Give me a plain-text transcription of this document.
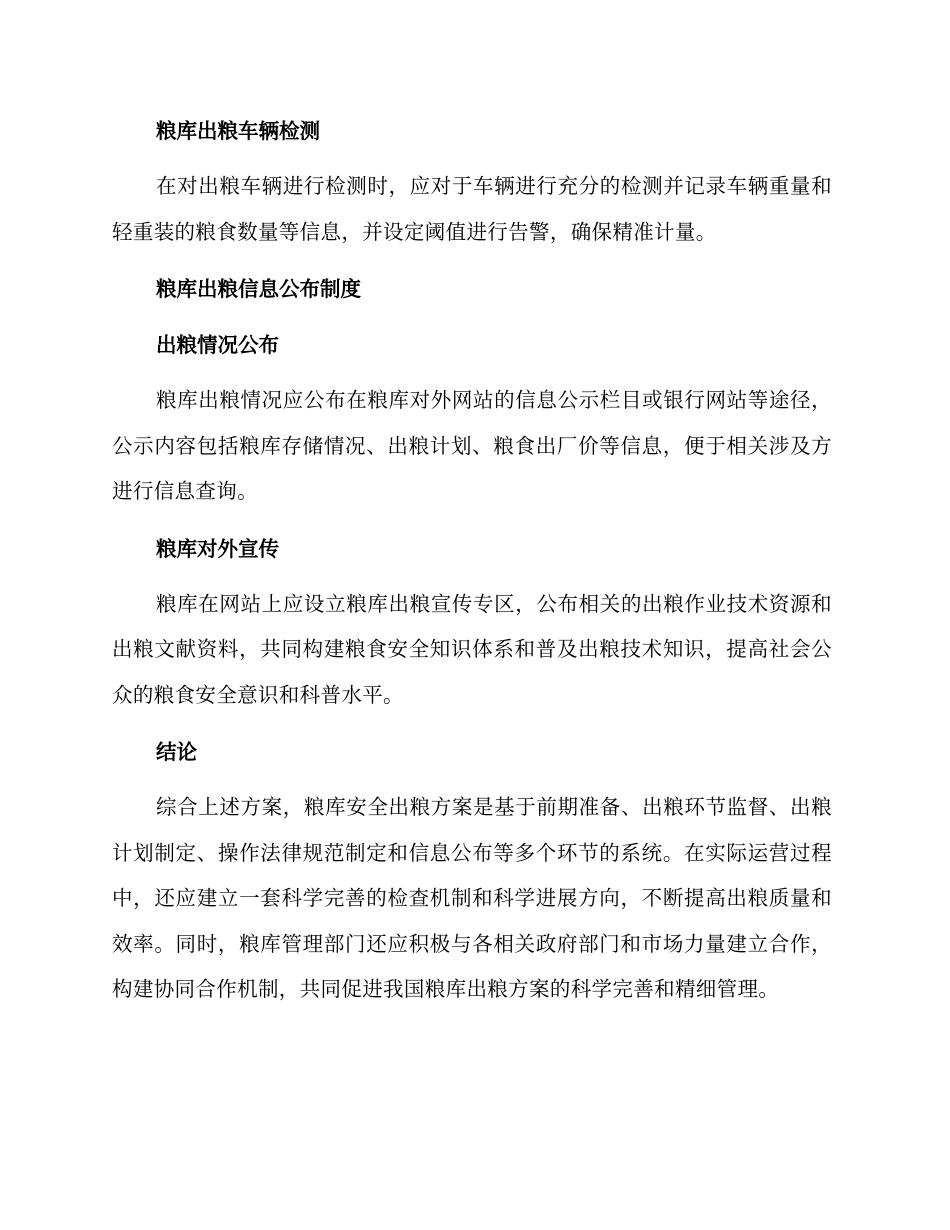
粮库出粮车辆检测

在对出粮车辆进行检测时，应对于车辆进行充分的检测并记录车辆重量和轻重装的粮食数量等信息，并设定阈值进行告警，确保精准计量。

粮库出粮信息公布制度
出粮情况公布

粮库出粮情况应公布在粮库对外网站的信息公示栏目或银行网站等途径，公示内容包括粮库存储情况、出粮计划、粮食出厂价等信息，便于相关涉及方进行信息查询。

粮库对外宣传

粮库在网站上应设立粮库出粮宣传专区，公布相关的出粮作业技术资源和出粮文献资料，共同构建粮食安全知识体系和普及出粮技术知识，提高社会公众的粮食安全意识和科普水平。

结论

综合上述方案，粮库安全出粮方案是基于前期准备、出粮环节监督、出粮计划制定、操作法律规范制定和信息公布等多个环节的系统。在实际运营过程中，还应建立一套科学完善的检查机制和科学进展方向，不断提高出粮质量和效率。同时，粮库管理部门还应积极与各相关政府部门和市场力量建立合作，构建协同合作机制，共同促进我国粮库出粮方案的科学完善和精细管理。
